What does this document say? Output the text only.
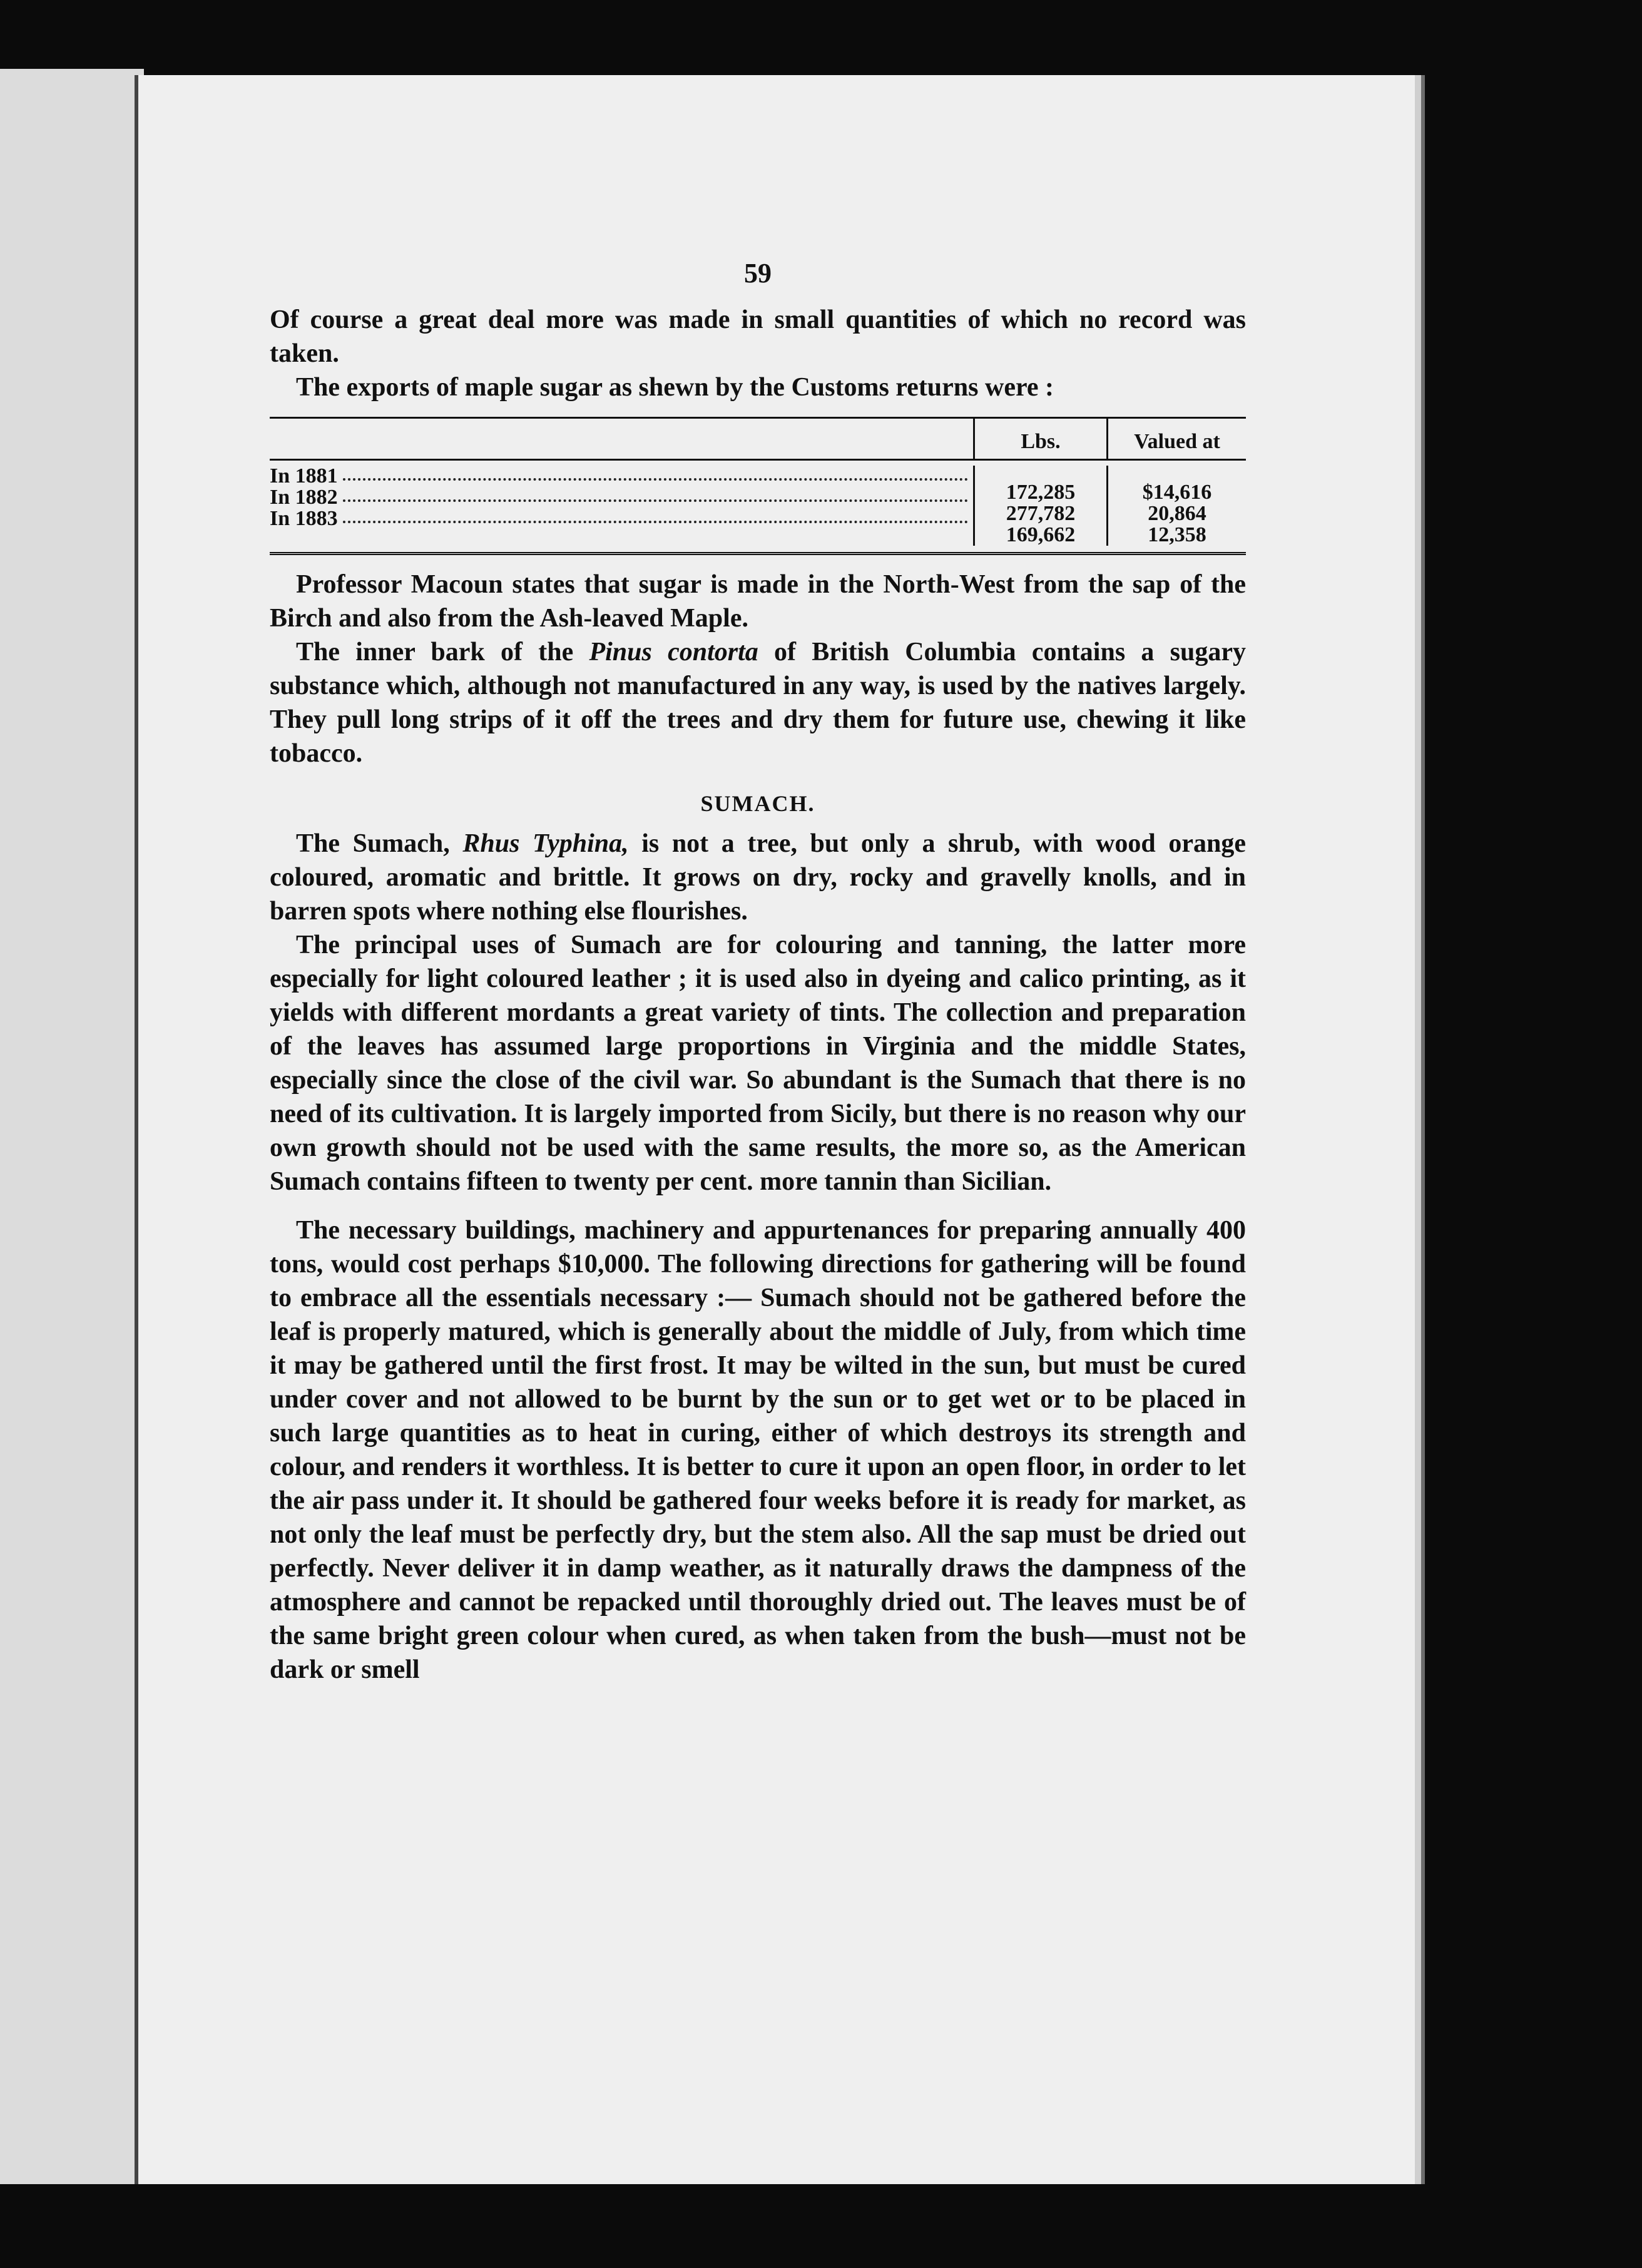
59

Of course a great deal more was made in small quantities of which no record was taken.

The exports of maple sugar as shewn by the Customs returns were :

Lbs.	Valued at
In 1881
In 1882
In 1883
172,285
277,782
169,662
$14,616
20,864
12,358

Professor Macoun states that sugar is made in the North-West from the sap of the Birch and also from the Ash-leaved Maple.

The inner bark of the Pinus contorta of British Columbia contains a sugary substance which, although not manufactured in any way, is used by the natives largely. They pull long strips of it off the trees and dry them for future use, chewing it like tobacco.

SUMACH.

The Sumach, Rhus Typhina, is not a tree, but only a shrub, with wood orange coloured, aromatic and brittle. It grows on dry, rocky and gravelly knolls, and in barren spots where nothing else flourishes.

The principal uses of Sumach are for colouring and tanning, the latter more especially for light coloured leather ; it is used also in dyeing and calico printing, as it yields with different mordants a great variety of tints. The collection and preparation of the leaves has assumed large proportions in Virginia and the middle States, especially since the close of the civil war. So abundant is the Sumach that there is no need of its cultivation. It is largely imported from Sicily, but there is no reason why our own growth should not be used with the same results, the more so, as the American Sumach contains fifteen to twenty per cent. more tannin than Sicilian.

The necessary buildings, machinery and appurtenances for preparing annually 400 tons, would cost perhaps $10,000. The following directions for gathering will be found to embrace all the essentials necessary :— Sumach should not be gathered before the leaf is properly matured, which is generally about the middle of July, from which time it may be gathered until the first frost. It may be wilted in the sun, but must be cured under cover and not allowed to be burnt by the sun or to get wet or to be placed in such large quantities as to heat in curing, either of which destroys its strength and colour, and renders it worthless. It is better to cure it upon an open floor, in order to let the air pass under it. It should be gathered four weeks before it is ready for market, as not only the leaf must be perfectly dry, but the stem also. All the sap must be dried out perfectly. Never deliver it in damp weather, as it naturally draws the dampness of the atmosphere and cannot be repacked until thoroughly dried out. The leaves must be of the same bright green colour when cured, as when taken from the bush—must not be dark or smell
